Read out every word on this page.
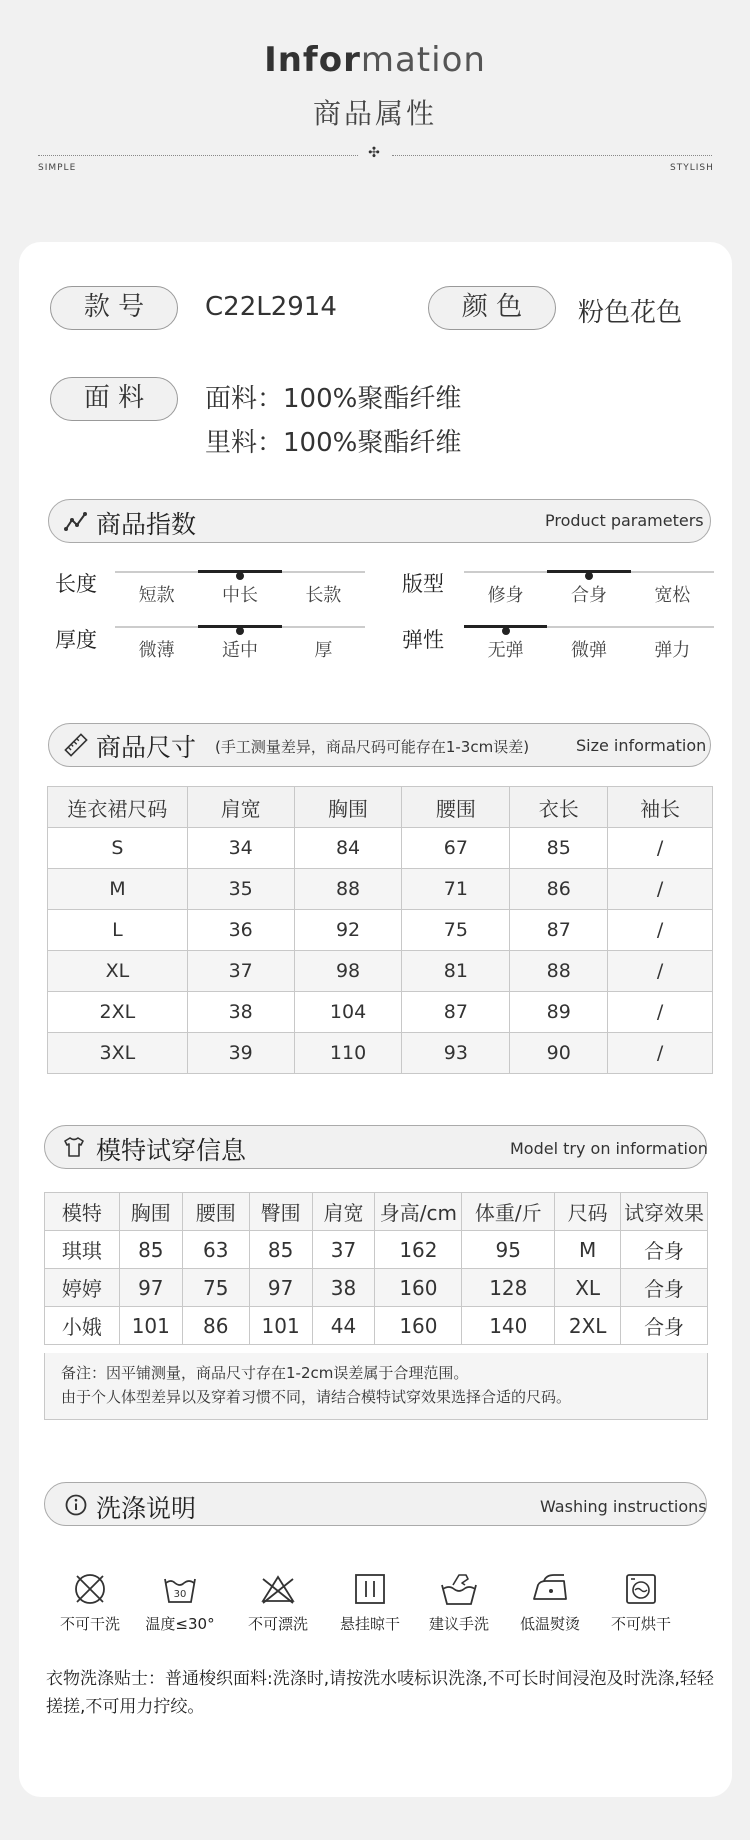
Information
商品属性
✣
SIMPLE	STYLISH
款 号	C22L2914	颜 色	粉色花色
面 料	面料：100%聚酯纤维
里料：100%聚酯纤维
商品指数	Product parameters
长度	短款	中长	长款	版型	修身	合身	宽松
厚度	微薄	适中	厚	弹性	无弹	微弹	弹力
商品尺寸 (手工测量差异，商品尺码可能存在1-3cm误差)	Size information
连衣裙尺码	肩宽	胸围	腰围	衣长	袖长
S	34	84	67	85	/
M	35	88	71	86	/
L	36	92	75	87	/
XL	37	98	81	88	/
2XL	38	104	87	89	/
3XL	39	110	93	90	/
模特试穿信息	Model try on information
模特	胸围	腰围	臀围	肩宽	身高/cm	体重/斤	尺码	试穿效果
琪琪	85	63	85	37	162	95	M	合身
婷婷	97	75	97	38	160	128	XL	合身
小娥	101	86	101	44	160	140	2XL	合身
备注：因平铺测量，商品尺寸存在1-2cm误差属于合理范围。
由于个人体型差异以及穿着习惯不同，请结合模特试穿效果选择合适的尺码。
洗涤说明	Washing instructions
不可干洗
30
温度≤30°	不可漂洗	悬挂晾干	建议手洗	低温熨烫	不可烘干
衣物洗涤贴士：普通梭织面料:洗涤时,请按洗水唛标识洗涤,不可长时间浸泡及时洗涤,轻轻
搓搓,不可用力拧绞。
